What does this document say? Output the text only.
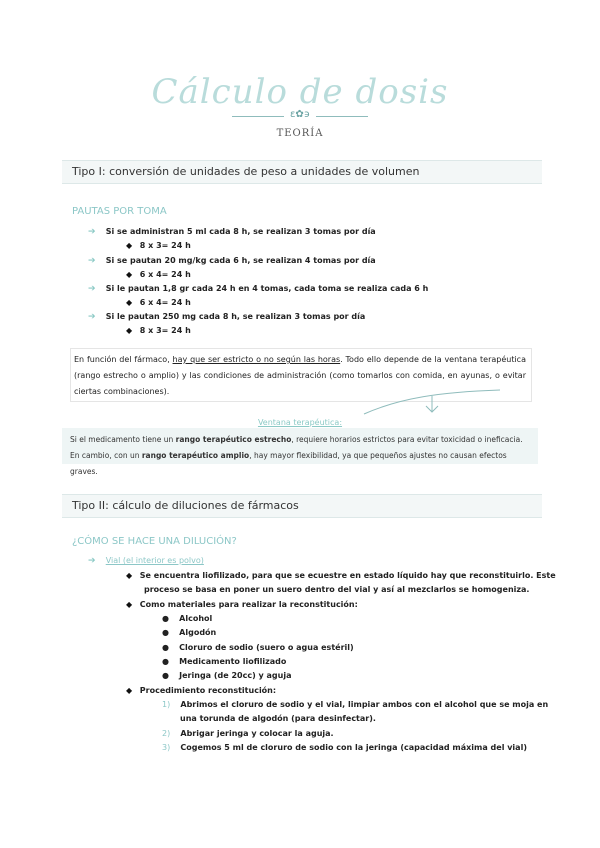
Cálculo de dosis
ε✿϶
TEORÍA
Tipo I: conversión de unidades de peso a unidades de volumen
PAUTAS POR TOMA
➔ Si se administran 5 ml cada 8 h, se realizan 3 tomas por día
◆ 8 x 3= 24 h
➔ Si se pautan 20 mg/kg cada 6 h, se realizan 4 tomas por día
◆ 6 x 4= 24 h
➔ Si le pautan 1,8 gr cada 24 h en 4 tomas, cada toma se realiza cada 6 h
◆ 6 x 4= 24 h
➔ Si le pautan 250 mg cada 8 h, se realizan 3 tomas por día
◆ 8 x 3= 24 h
En función del fármaco, hay que ser estricto o no según las horas. Todo ello depende de la ventana terapéutica (rango estrecho o amplio) y las condiciones de administración (como tomarlos con comida, en ayunas, o evitar ciertas combinaciones).
Ventana terapéutica:
Si el medicamento tiene un rango terapéutico estrecho, requiere horarios estrictos para evitar toxicidad o ineficacia. En cambio, con un rango terapéutico amplio, hay mayor flexibilidad, ya que pequeños ajustes no causan efectos graves.
Tipo II: cálculo de diluciones de fármacos
¿CÓMO SE HACE UNA DILUCIÓN?
➔ Vial (el interior es polvo)
◆ Se encuentra liofilizado, para que se ecuestre en estado líquido hay que reconstituirlo. Este
proceso se basa en poner un suero dentro del vial y así al mezclarlos se homogeniza.
◆ Como materiales para realizar la reconstitución:
● Alcohol
● Algodón
● Cloruro de sodio (suero o agua estéril)
● Medicamento liofilizado
● Jeringa (de 20cc) y aguja
◆ Procedimiento reconstitución:
1) Abrimos el cloruro de sodio y el vial, limpiar ambos con el alcohol que se moja en
una torunda de algodón (para desinfectar).
2) Abrigar jeringa y colocar la aguja.
3) Cogemos 5 ml de cloruro de sodio con la jeringa (capacidad máxima del vial)
